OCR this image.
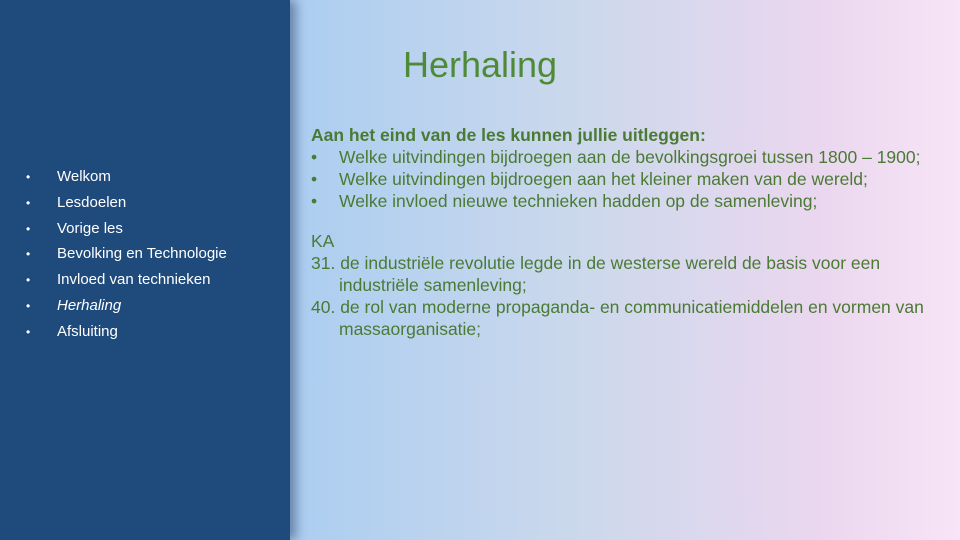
• Welkom
• Lesdoelen
• Vorige les
• Bevolking en Technologie
• Invloed van technieken
• Herhaling
• Afsluiting
Herhaling

Aan het eind van de les kunnen jullie uitleggen:

• Welke uitvindingen bijdroegen aan de bevolkingsgroei tussen 1800 – 1900;
• Welke uitvindingen bijdroegen aan het kleiner maken van de wereld;
• Welke invloed nieuwe technieken hadden op de samenleving;
KA
31. de industriële revolutie legde in de westerse wereld de basis voor een industriële samenleving;
40. de rol van moderne propaganda- en communicatiemiddelen en vormen van massaorganisatie;
